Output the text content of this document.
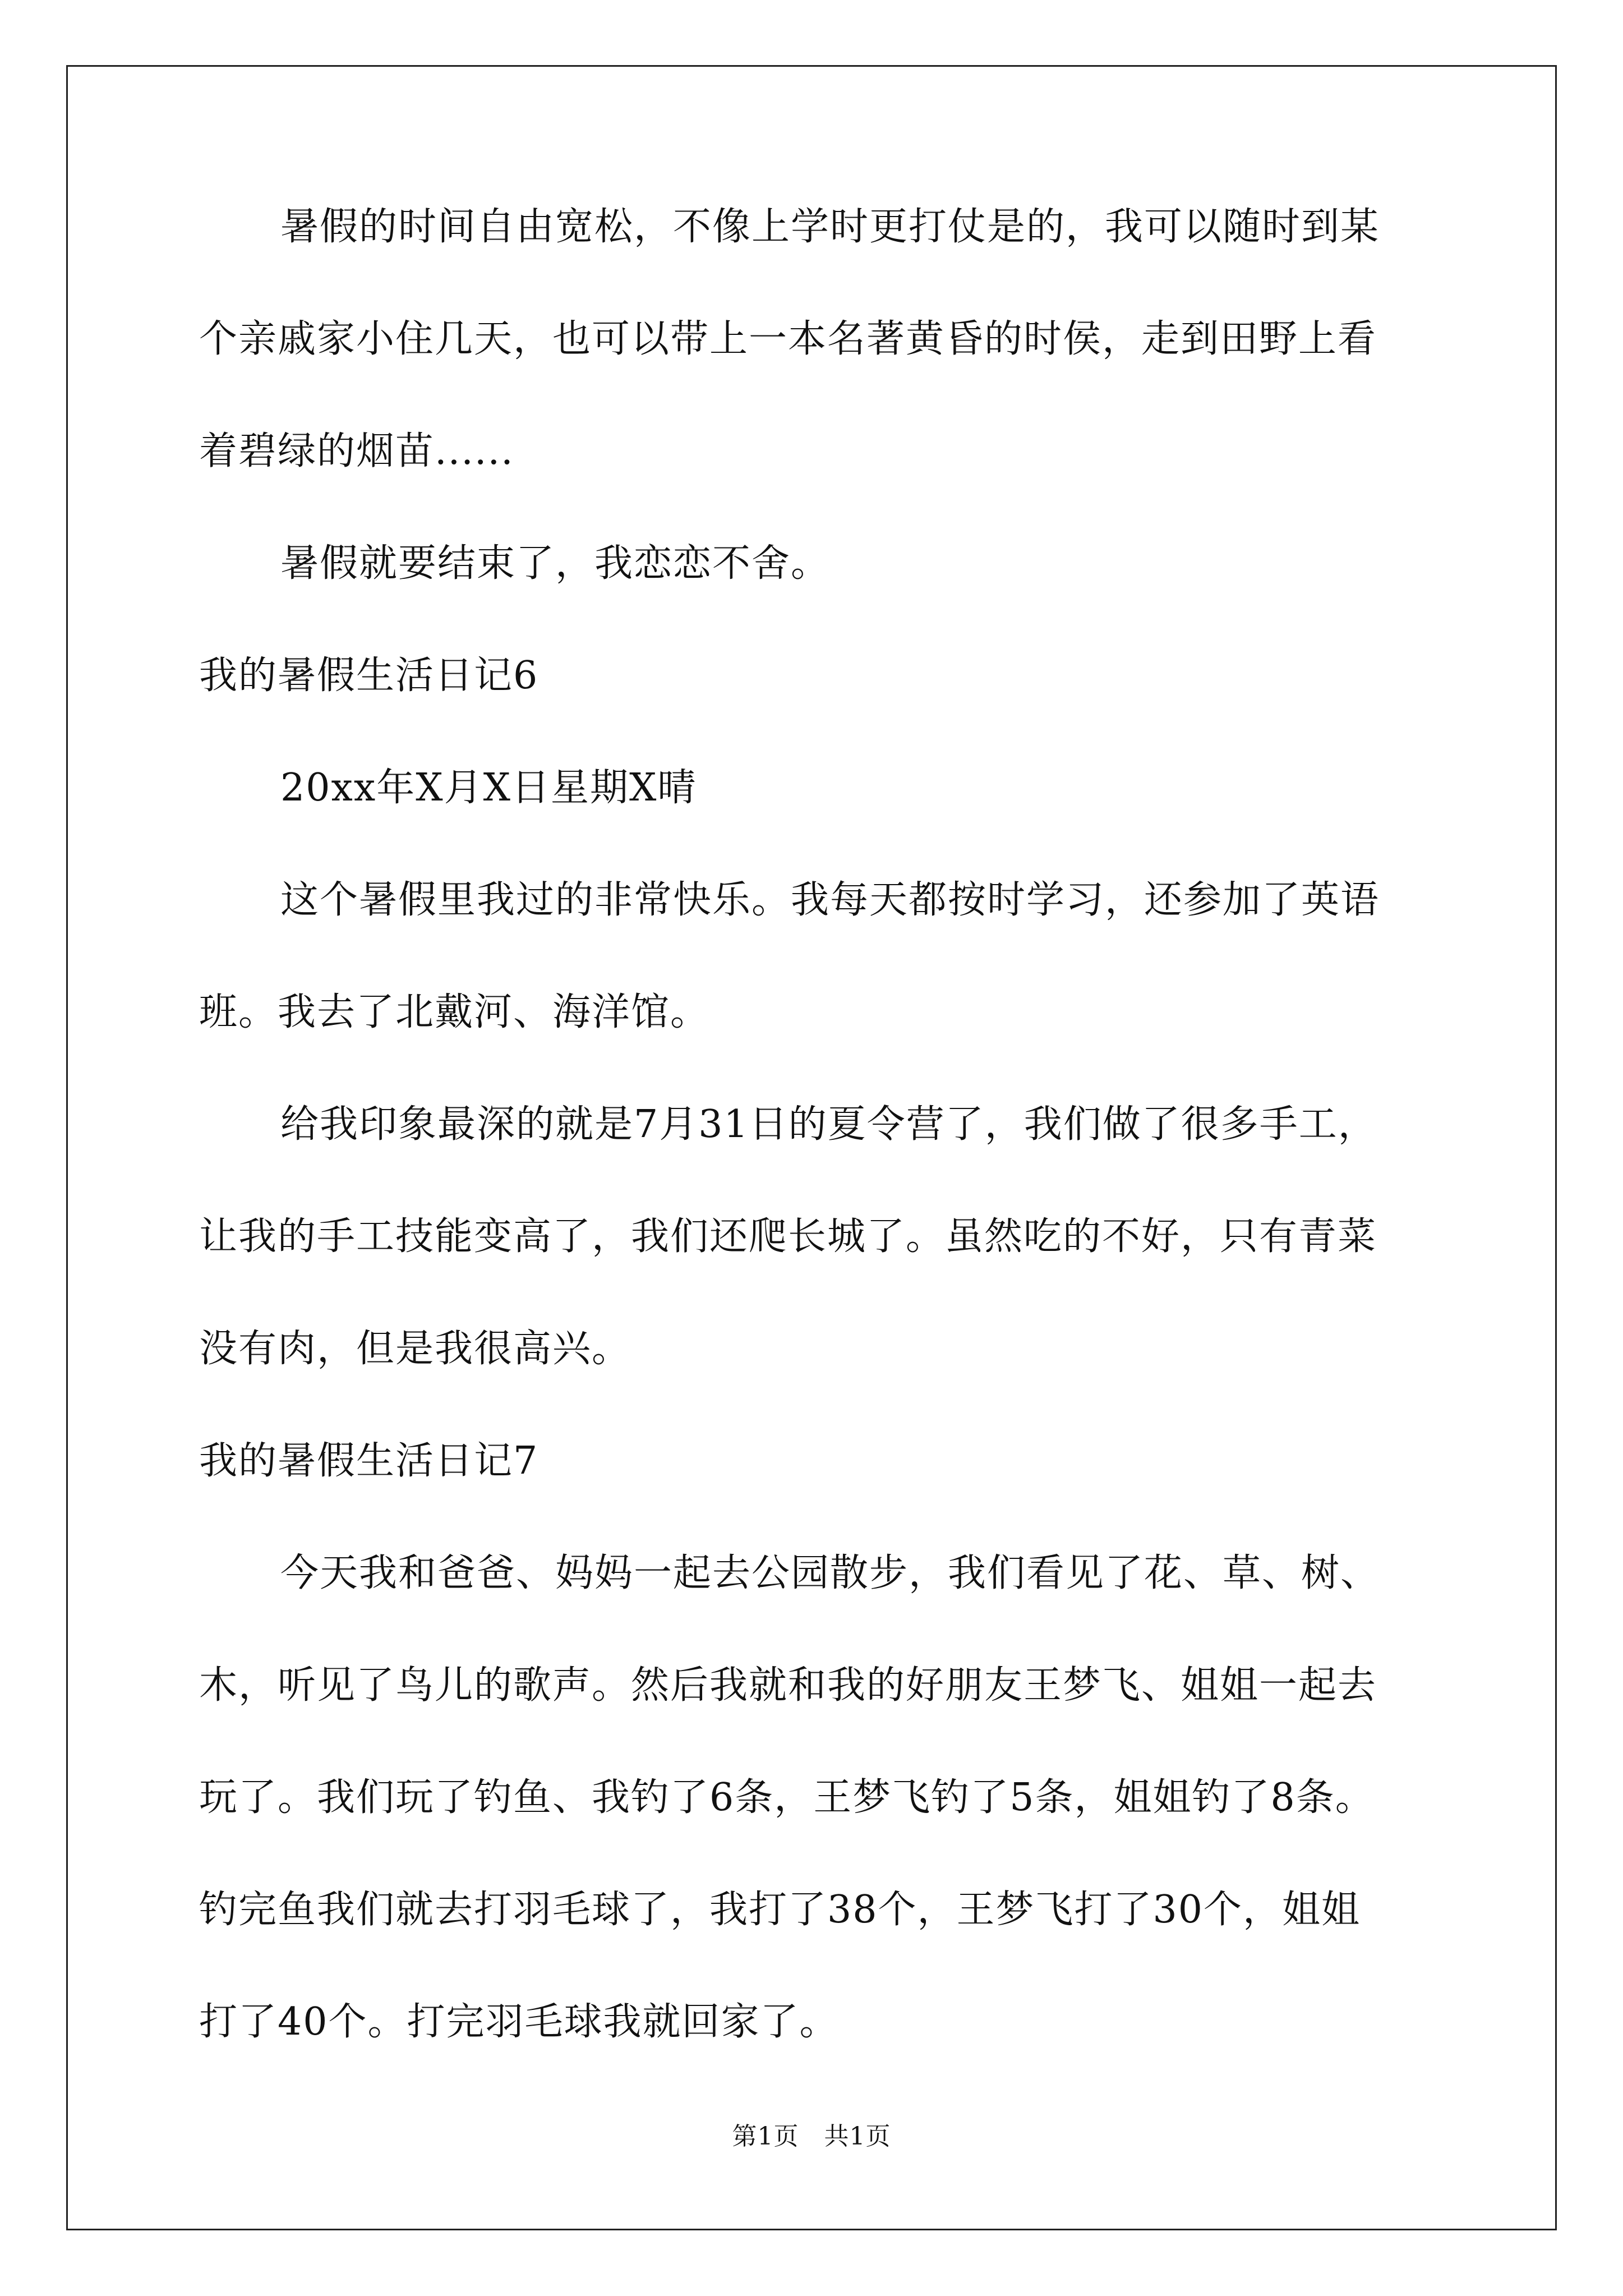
暑假的时间自由宽松，不像上学时更打仗是的，我可以随时到某
个亲戚家小住几天，也可以带上一本名著黄昏的时侯，走到田野上看
着碧绿的烟苗......
暑假就要结束了，我恋恋不舍。
我的暑假生活日记6
20xx年X月X日星期X晴
这个暑假里我过的非常快乐。我每天都按时学习，还参加了英语
班。我去了北戴河、海洋馆。
给我印象最深的就是7月31日的夏令营了，我们做了很多手工，
让我的手工技能变高了，我们还爬长城了。虽然吃的不好，只有青菜
没有肉，但是我很高兴。
我的暑假生活日记7
今天我和爸爸、妈妈一起去公园散步，我们看见了花、草、树、
木，听见了鸟儿的歌声。然后我就和我的好朋友王梦飞、姐姐一起去
玩了。我们玩了钓鱼、我钓了6条，王梦飞钓了5条，姐姐钓了8条。
钓完鱼我们就去打羽毛球了，我打了38个，王梦飞打了30个，姐姐
打了40个。打完羽毛球我就回家了。
第1页　共1页
